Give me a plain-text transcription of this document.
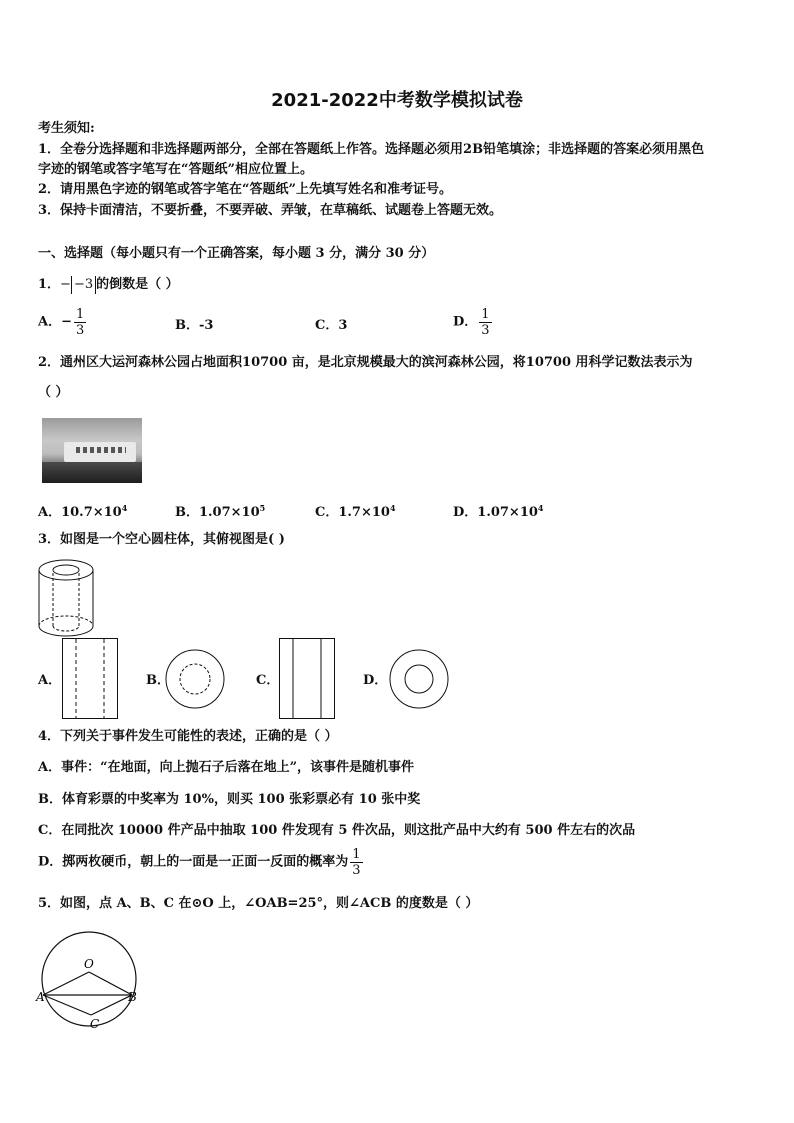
2021-2022中考数学模拟试卷
考生须知:
1．全卷分选择题和非选择题两部分，全部在答题纸上作答。选择题必须用2B铅笔填涂；非选择题的答案必须用黑色
字迹的钢笔或答字笔写在“答题纸”相应位置上。
2．请用黑色字迹的钢笔或答字笔在“答题纸”上先填写姓名和准考证号。
3．保持卡面清洁，不要折叠，不要弄破、弄皱，在草稿纸、试题卷上答题无效。
一、选择题（每小题只有一个正确答案，每小题 3 分，满分 30 分）
1．− −3 的倒数是（ ）
A．− $\frac{1}{3}$	B．-3	C．3	D． $\frac{1}{3}$
2．通州区大运河森林公园占地面积10700 亩，是北京规模最大的滨河森林公园，将10700 用科学记数法表示为
（ ）
A．$10.7\times 10^4$	B．$1.07\times 10^5$	C．$1.7\times 10^4$	D．$1.07\times 10^4$
3．如图是一个空心圆柱体，其俯视图是( )
A．	B．	C．	D．
4．下列关于事件发生可能性的表述，正确的是（ ）
A．事件：“在地面，向上抛石子后落在地上”，该事件是随机事件
B．体育彩票的中奖率为 10%，则买 100 张彩票必有 10 张中奖
C．在同批次 10000 件产品中抽取 100 件发现有 5 件次品，则这批产品中大约有 500 件左右的次品
D．掷两枚硬币，朝上的一面是一正面一反面的概率为 $\frac{1}{3}$
5．如图，点 A、B、C 在⊙O 上，∠OAB=25°，则∠ACB 的度数是（ ）
O
A	B
C
